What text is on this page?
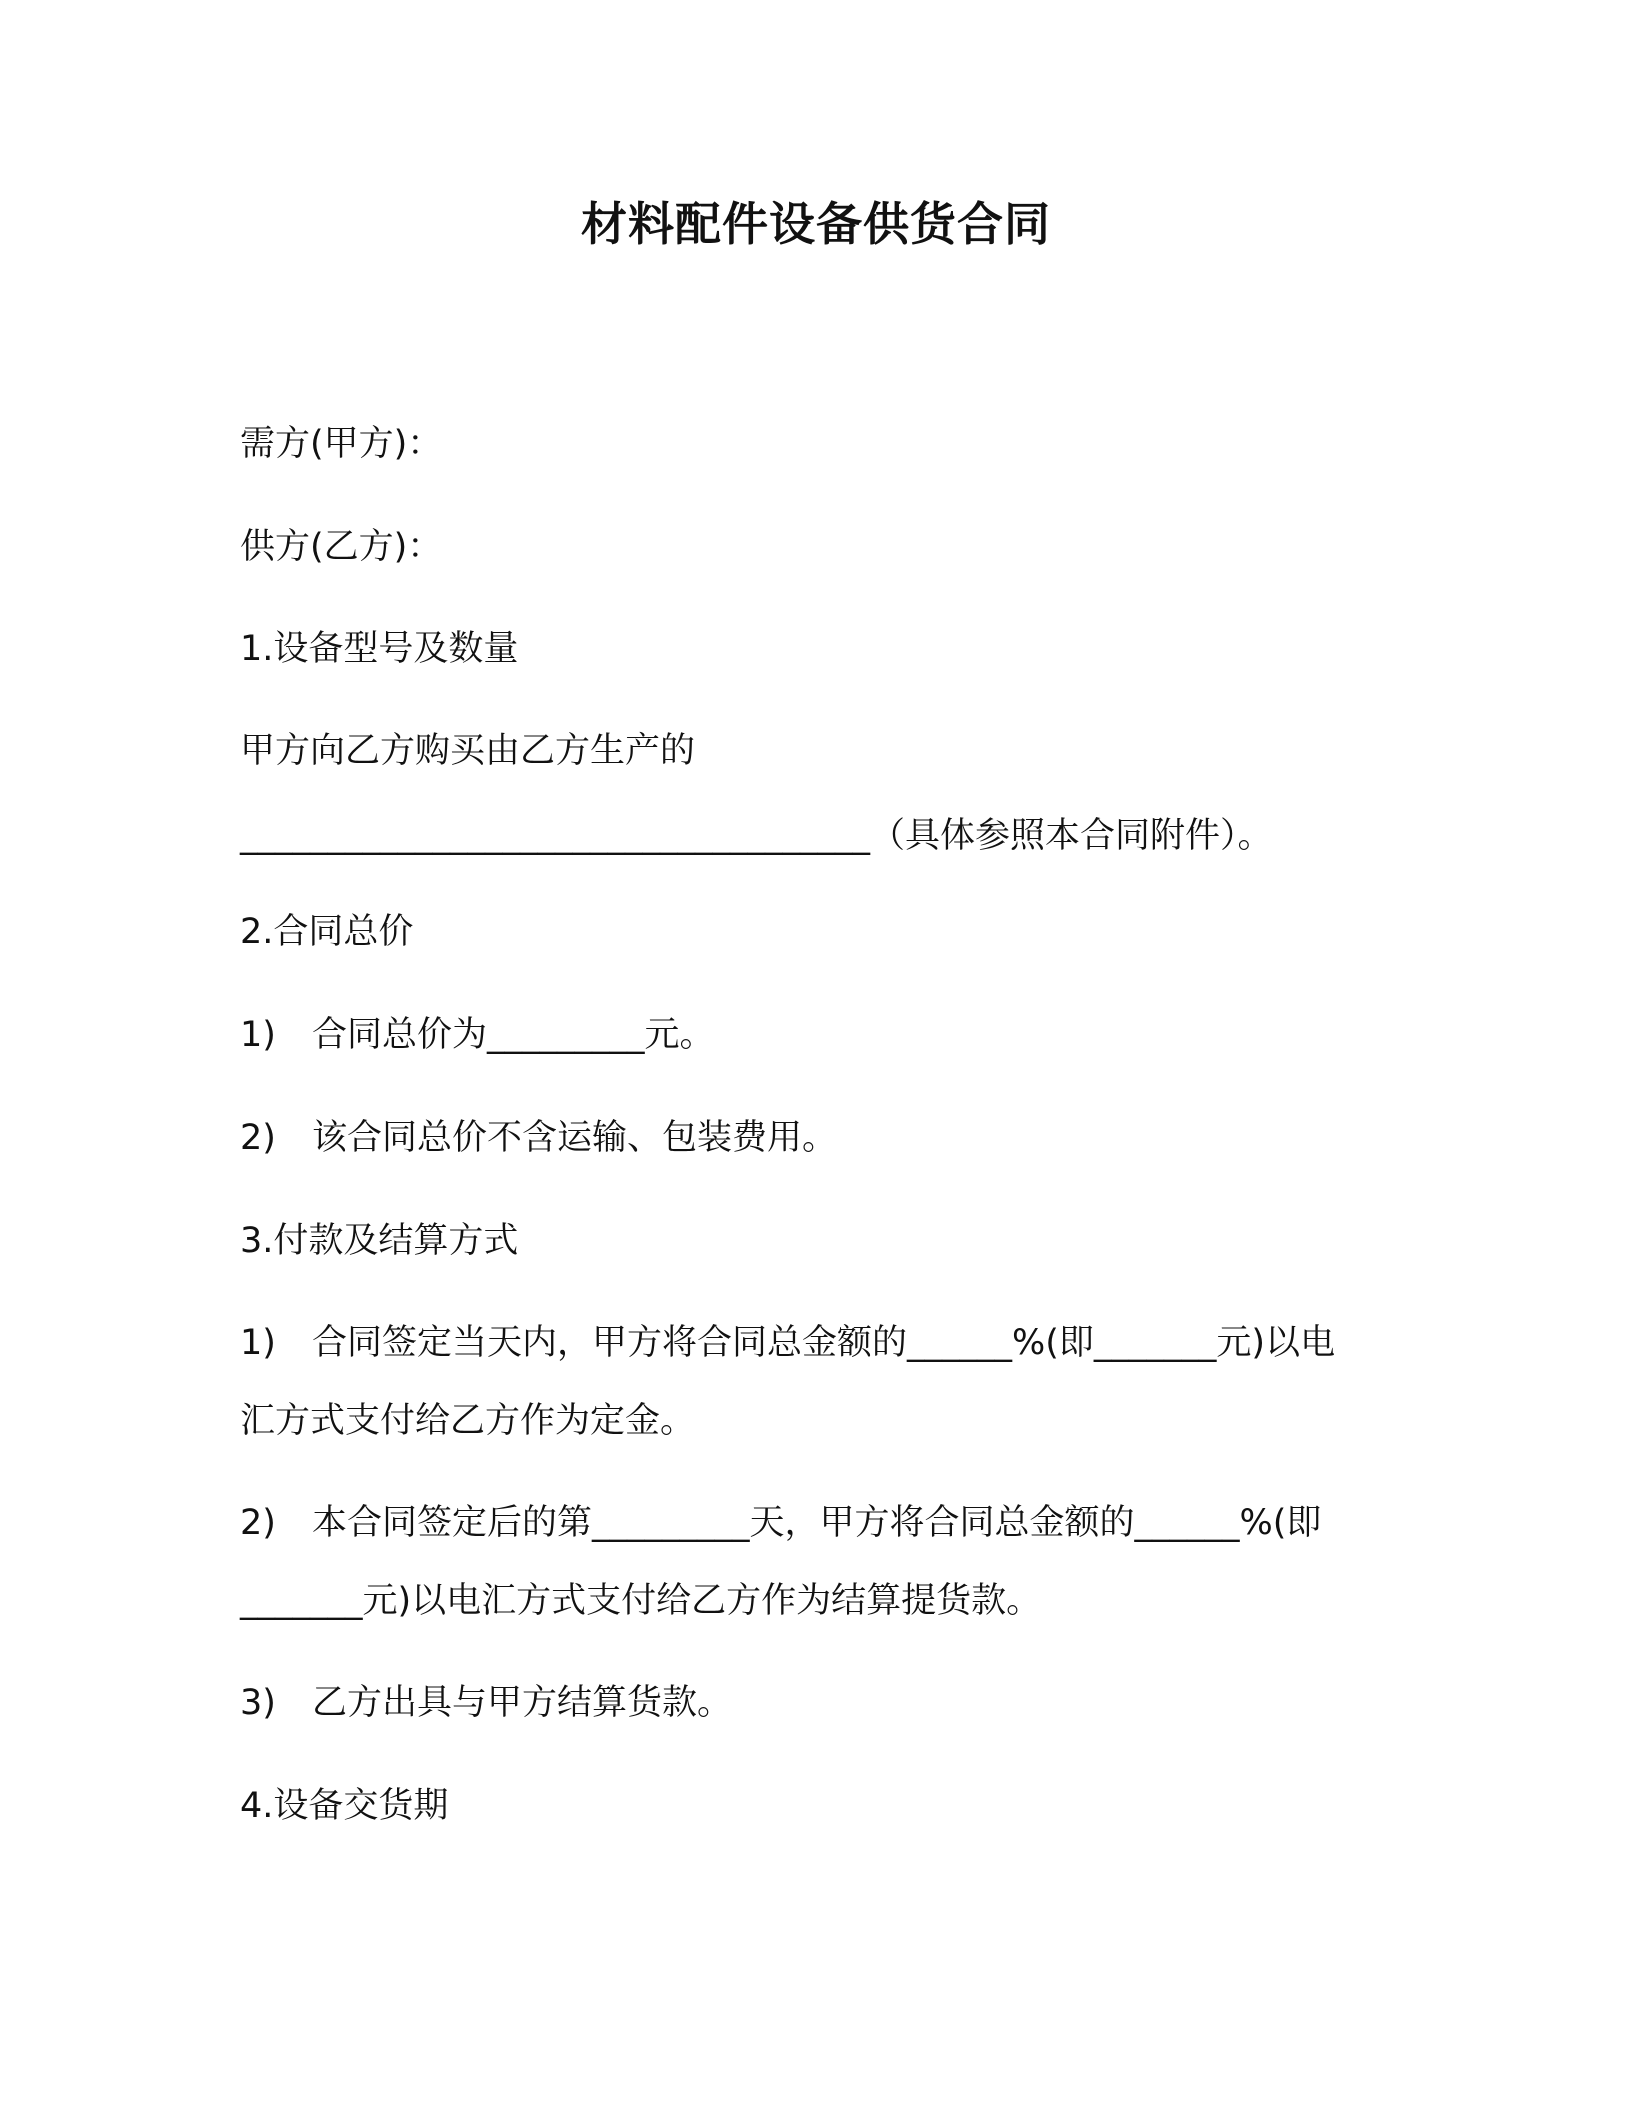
材料配件设备供货合同
需方(甲方)：
供方(乙方)：
1.设备型号及数量
甲方向乙方购买由乙方生产的
____________________________________（具体参照本合同附件）。
2.合同总价
1) 合同总价为_________元。
2) 该合同总价不含运输、包装费用。
3.付款及结算方式
1) 合同签定当天内，甲方将合同总金额的______%(即_______元)以电
汇方式支付给乙方作为定金。
2) 本合同签定后的第_________天，甲方将合同总金额的______%(即
_______元)以电汇方式支付给乙方作为结算提货款。
3) 乙方出具与甲方结算货款。
4.设备交货期
